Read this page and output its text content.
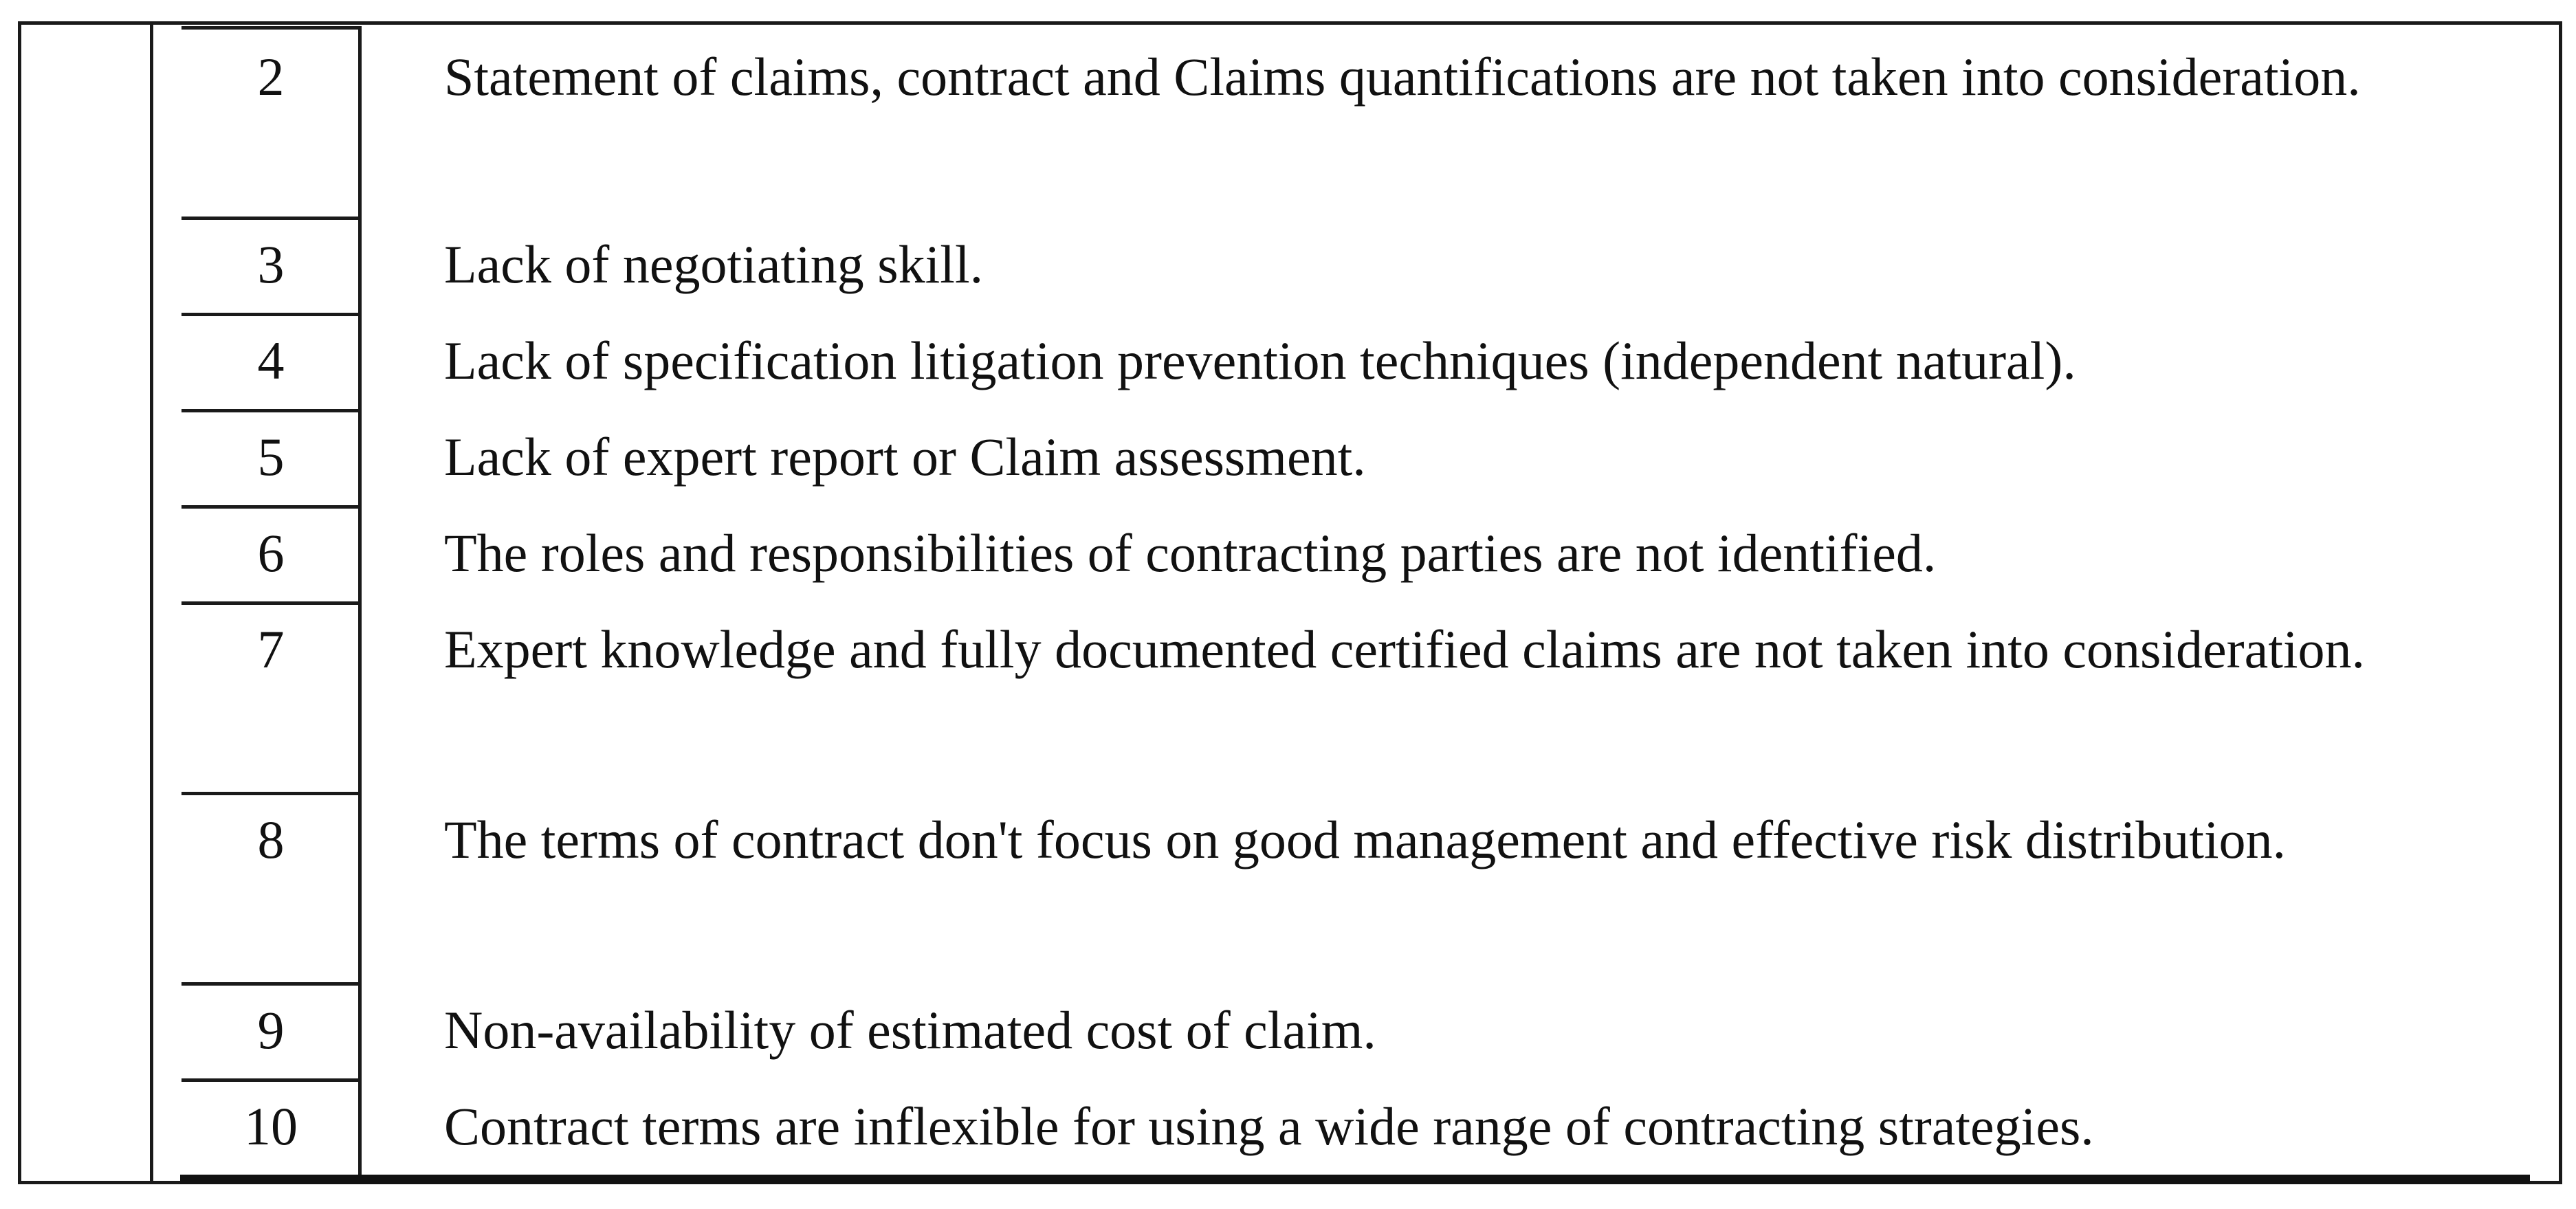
2	Statement of claims, contract and Claims quantifications are not taken into consideration.
3	Lack of negotiating skill.
4	Lack of specification litigation prevention techniques (independent natural).
5	Lack of expert report or Claim assessment.
6	The roles and responsibilities of contracting parties are not identified.
7	Expert knowledge and fully documented certified claims are not taken into consideration.
8	The terms of contract don't focus on good management and effective risk distribution.
9	Non-availability of estimated cost of claim.
10	Contract terms are inflexible for using a wide range of contracting strategies.
